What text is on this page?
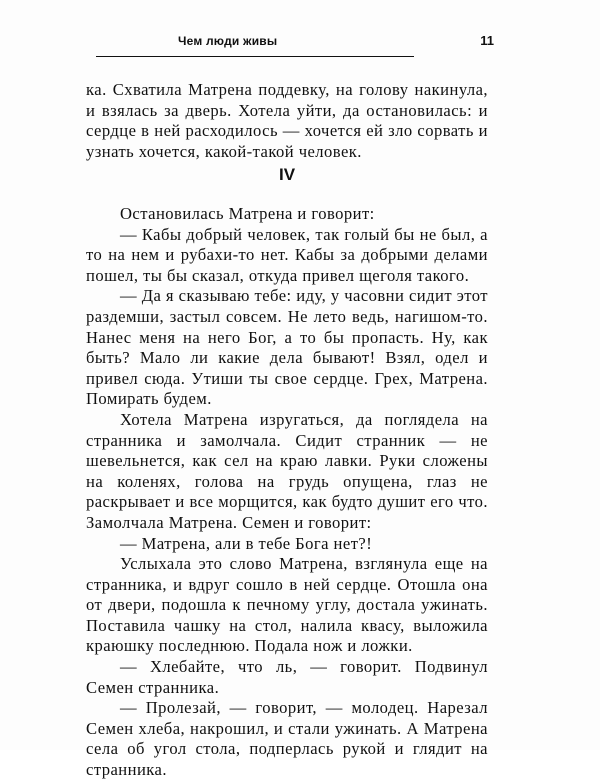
Чем люди живы	11

ка. Схватила Матрена поддевку, на голову накинула, и взялась за дверь. Хотела уйти, да остановилась: и сердце в ней расходилось — хочется ей зло сорвать и узнать хочется, какой-такой человек.

IV

Остановилась Матрена и говорит:

— Кабы добрый человек, так голый бы не был, а то на нем и рубахи-то нет. Кабы за добрыми делами пошел, ты бы сказал, откуда привел щеголя такого.

— Да я сказываю тебе: иду, у часовни сидит этот раздемши, застыл совсем. Не лето ведь, нагишом-то. Нанес меня на него Бог, а то бы пропасть. Ну, как быть? Мало ли какие дела бывают! Взял, одел и привел сюда. Утиши ты свое сердце. Грех, Матрена. Помирать будем.

Хотела Матрена изругаться, да поглядела на странника и замолчала. Сидит странник — не шевельнется, как сел на краю лавки. Руки сложены на коленях, голова на грудь опущена, глаз не раскрывает и все морщится, как будто душит его что. Замолчала Матрена. Семен и говорит:

— Матрена, али в тебе Бога нет?!

Услыхала это слово Матрена, взглянула еще на странника, и вдруг сошло в ней сердце. Отошла она от двери, подошла к печному углу, достала ужинать. Поставила чашку на стол, налила квасу, выложила краюшку последнюю. Подала нож и ложки.

— Хлебайте, что ль, — говорит. Подвинул Семен странника.

— Пролезай, — говорит, — молодец. Нарезал Семен хлеба, накрошил, и стали ужинать. А Матрена села об угол стола, подперлась рукой и глядит на странника.
